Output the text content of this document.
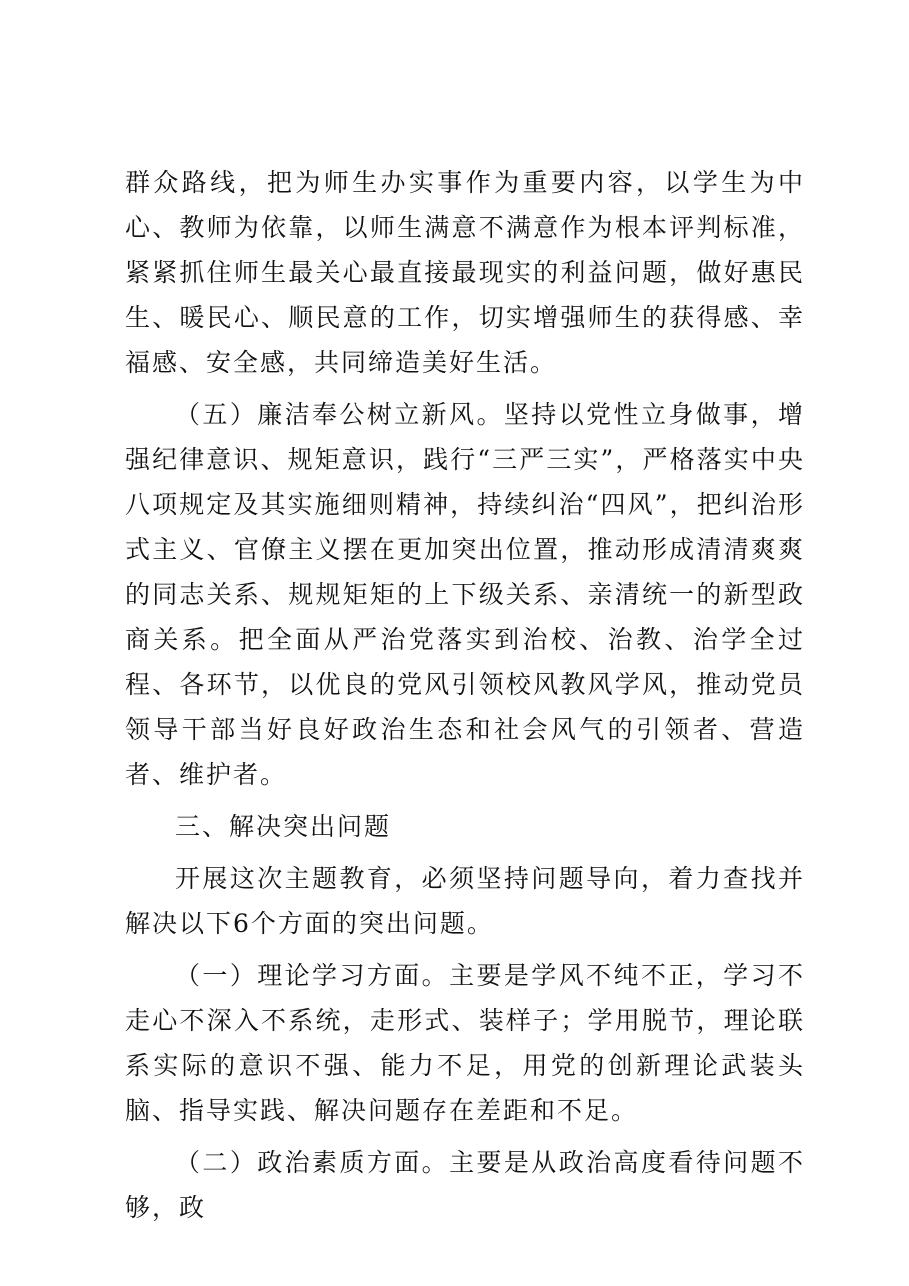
群众路线，把为师生办实事作为重要内容，以学生为中心、教师为依靠，以师生满意不满意作为根本评判标准，紧紧抓住师生最关心最直接最现实的利益问题，做好惠民生、暖民心、顺民意的工作，切实增强师生的获得感、幸福感、安全感，共同缔造美好生活。

（五）廉洁奉公树立新风。坚持以党性立身做事，增强纪律意识、规矩意识，践行“三严三实”，严格落实中央八项规定及其实施细则精神，持续纠治“四风”，把纠治形式主义、官僚主义摆在更加突出位置，推动形成清清爽爽的同志关系、规规矩矩的上下级关系、亲清统一的新型政商关系。把全面从严治党落实到治校、治教、治学全过程、各环节，以优良的党风引领校风教风学风，推动党员领导干部当好良好政治生态和社会风气的引领者、营造者、维护者。

三、解决突出问题

开展这次主题教育，必须坚持问题导向，着力查找并解决以下6个方面的突出问题。

（一）理论学习方面。主要是学风不纯不正，学习不走心不深入不系统，走形式、装样子；学用脱节，理论联系实际的意识不强、能力不足，用党的创新理论武装头脑、指导实践、解决问题存在差距和不足。

（二）政治素质方面。主要是从政治高度看待问题不够，政
